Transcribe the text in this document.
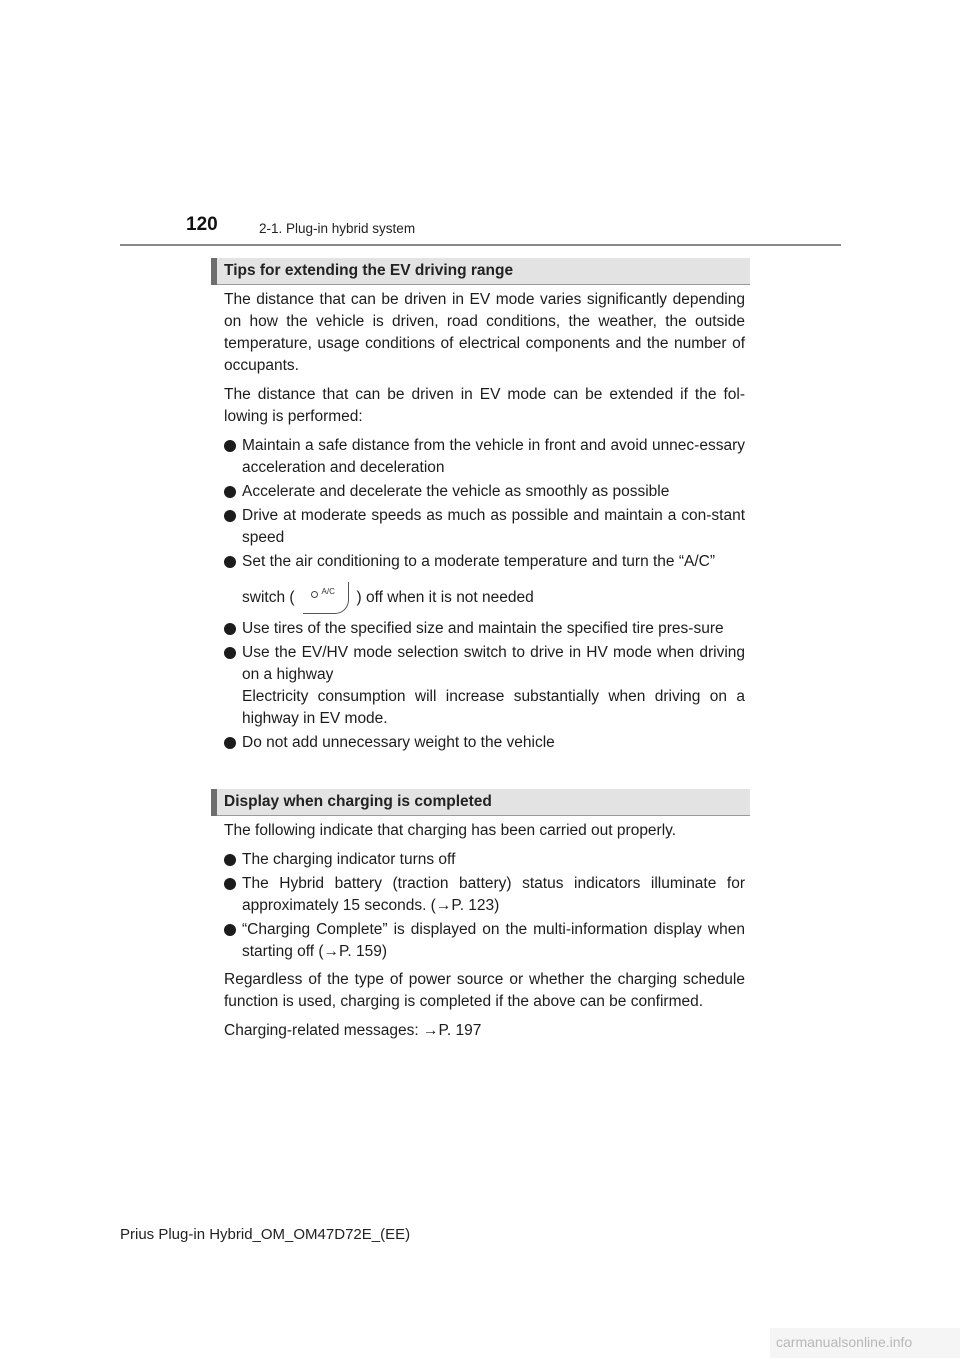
120	2-1. Plug-in hybrid system
Tips for extending the EV driving range

The distance that can be driven in EV mode varies significantly depending on how the vehicle is driven, road conditions, the weather, the outside temperature, usage conditions of electrical components and the number of occupants.

The distance that can be driven in EV mode can be extended if the fol-lowing is performed:

Maintain a safe distance from the vehicle in front and avoid unnec-essary acceleration and deceleration
Accelerate and decelerate the vehicle as smoothly as possible
Drive at moderate speeds as much as possible and maintain a con-stant speed
Set the air conditioning to a moderate temperature and turn the “A/C”
switch (	A/C ) off when it is not needed
Use tires of the specified size and maintain the specified tire pres-sure
Use the EV/HV mode selection switch to drive in HV mode when driving on a highway
Electricity consumption will increase substantially when driving on a highway in EV mode.
Do not add unnecessary weight to the vehicle
Display when charging is completed

The following indicate that charging has been carried out properly.

The charging indicator turns off
The Hybrid battery (traction battery) status indicators illuminate for approximately 15 seconds. (→P. 123)
“Charging Complete” is displayed on the multi-information display when starting off (→P. 159)

Regardless of the type of power source or whether the charging schedule function is used, charging is completed if the above can be confirmed.

Charging-related messages: →P. 197

Prius Plug-in Hybrid_OM_OM47D72E_(EE)
carmanualsonline.info
